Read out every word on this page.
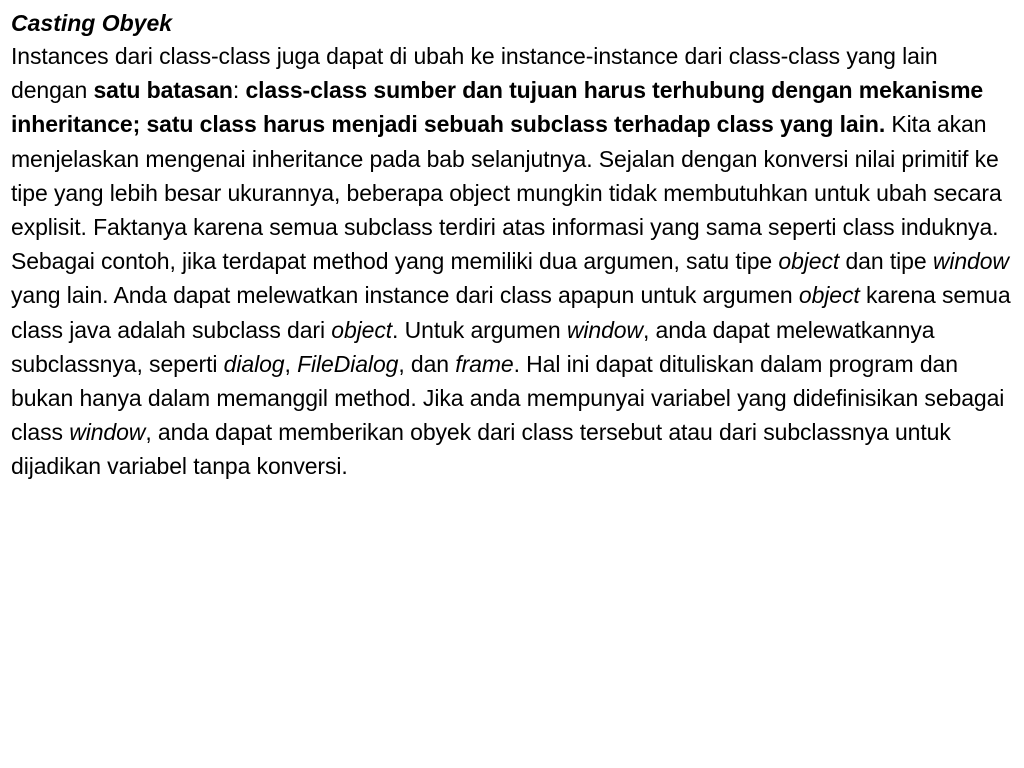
Casting Obyek

Instances dari class-class juga dapat di ubah ke instance-instance dari class-class yang lain dengan satu batasan: class-class sumber dan tujuan harus terhubung dengan mekanisme inheritance; satu class harus menjadi sebuah subclass terhadap class yang lain. Kita akan menjelaskan mengenai inheritance pada bab selanjutnya. Sejalan dengan konversi nilai primitif ke tipe yang lebih besar ukurannya, beberapa object mungkin tidak membutuhkan untuk ubah secara explisit. Faktanya karena semua subclass terdiri atas informasi yang sama seperti class induknya. Sebagai contoh, jika terdapat method yang memiliki dua argumen, satu tipe object dan tipe window yang lain. Anda dapat melewatkan instance dari class apapun untuk argumen object karena semua class java adalah subclass dari object. Untuk argumen window, anda dapat melewatkannya subclassnya, seperti dialog, FileDialog, dan frame. Hal ini dapat dituliskan dalam program dan bukan hanya dalam memanggil method. Jika anda mempunyai variabel yang didefinisikan sebagai class window, anda dapat memberikan obyek dari class tersebut atau dari subclassnya untuk dijadikan variabel tanpa konversi.
